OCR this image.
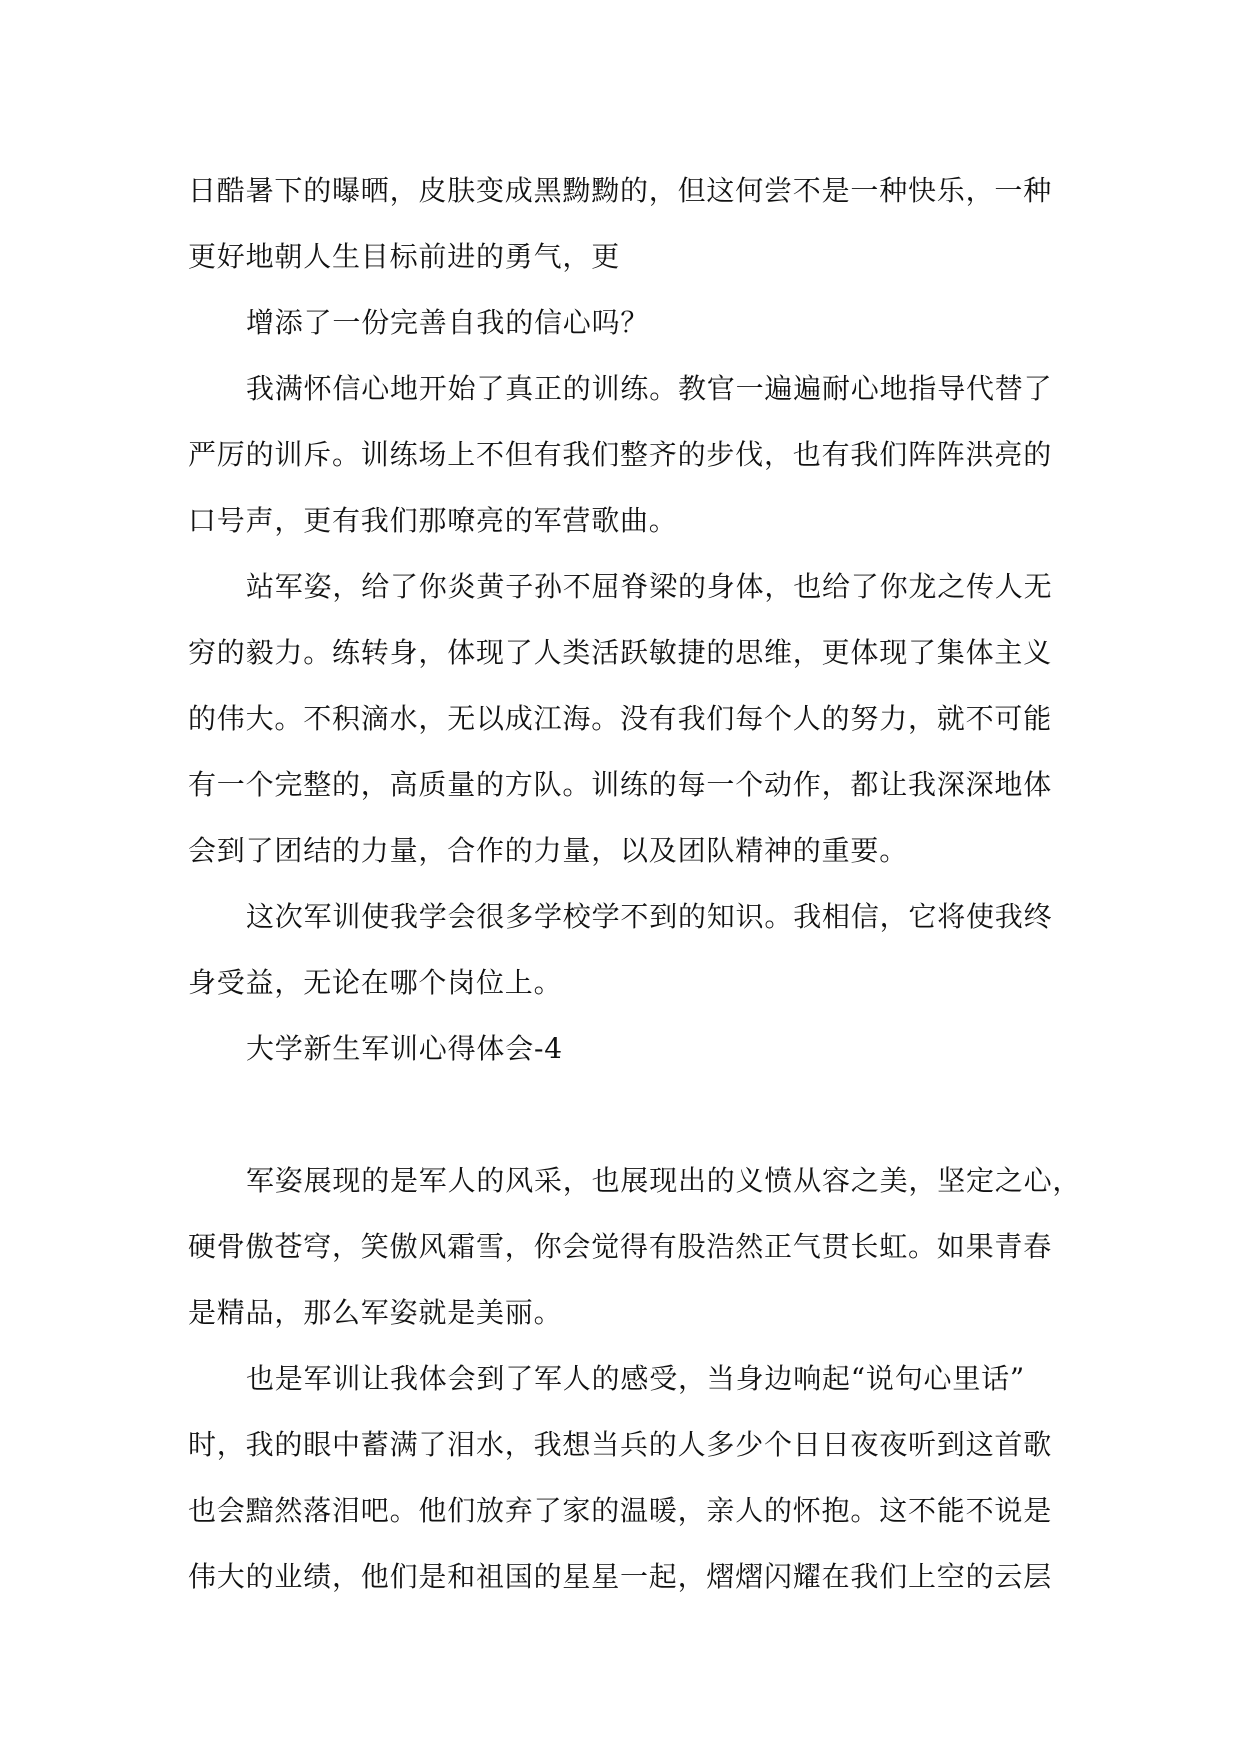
日酷暑下的曝晒，皮肤变成黑黝黝的，但这何尝不是一种快乐，一种
更好地朝人生目标前进的勇气，更
增添了一份完善自我的信心吗？
我满怀信心地开始了真正的训练。教官一遍遍耐心地指导代替了
严厉的训斥。训练场上不但有我们整齐的步伐，也有我们阵阵洪亮的
口号声，更有我们那嘹亮的军营歌曲。
站军姿，给了你炎黄子孙不屈脊梁的身体，也给了你龙之传人无
穷的毅力。练转身，体现了人类活跃敏捷的思维，更体现了集体主义
的伟大。不积滴水，无以成江海。没有我们每个人的努力，就不可能
有一个完整的，高质量的方队。训练的每一个动作，都让我深深地体
会到了团结的力量，合作的力量，以及团队精神的重要。
这次军训使我学会很多学校学不到的知识。我相信，它将使我终
身受益，无论在哪个岗位上。
大学新生军训心得体会-4
军姿展现的是军人的风采，也展现出的义愤从容之美，坚定之心，
硬骨傲苍穹，笑傲风霜雪，你会觉得有股浩然正气贯长虹。如果青春
是精品，那么军姿就是美丽。
也是军训让我体会到了军人的感受，当身边响起“说句心里话”
时，我的眼中蓄满了泪水，我想当兵的人多少个日日夜夜听到这首歌
也会黯然落泪吧。他们放弃了家的温暖，亲人的怀抱。这不能不说是
伟大的业绩，他们是和祖国的星星一起，熠熠闪耀在我们上空的云层
